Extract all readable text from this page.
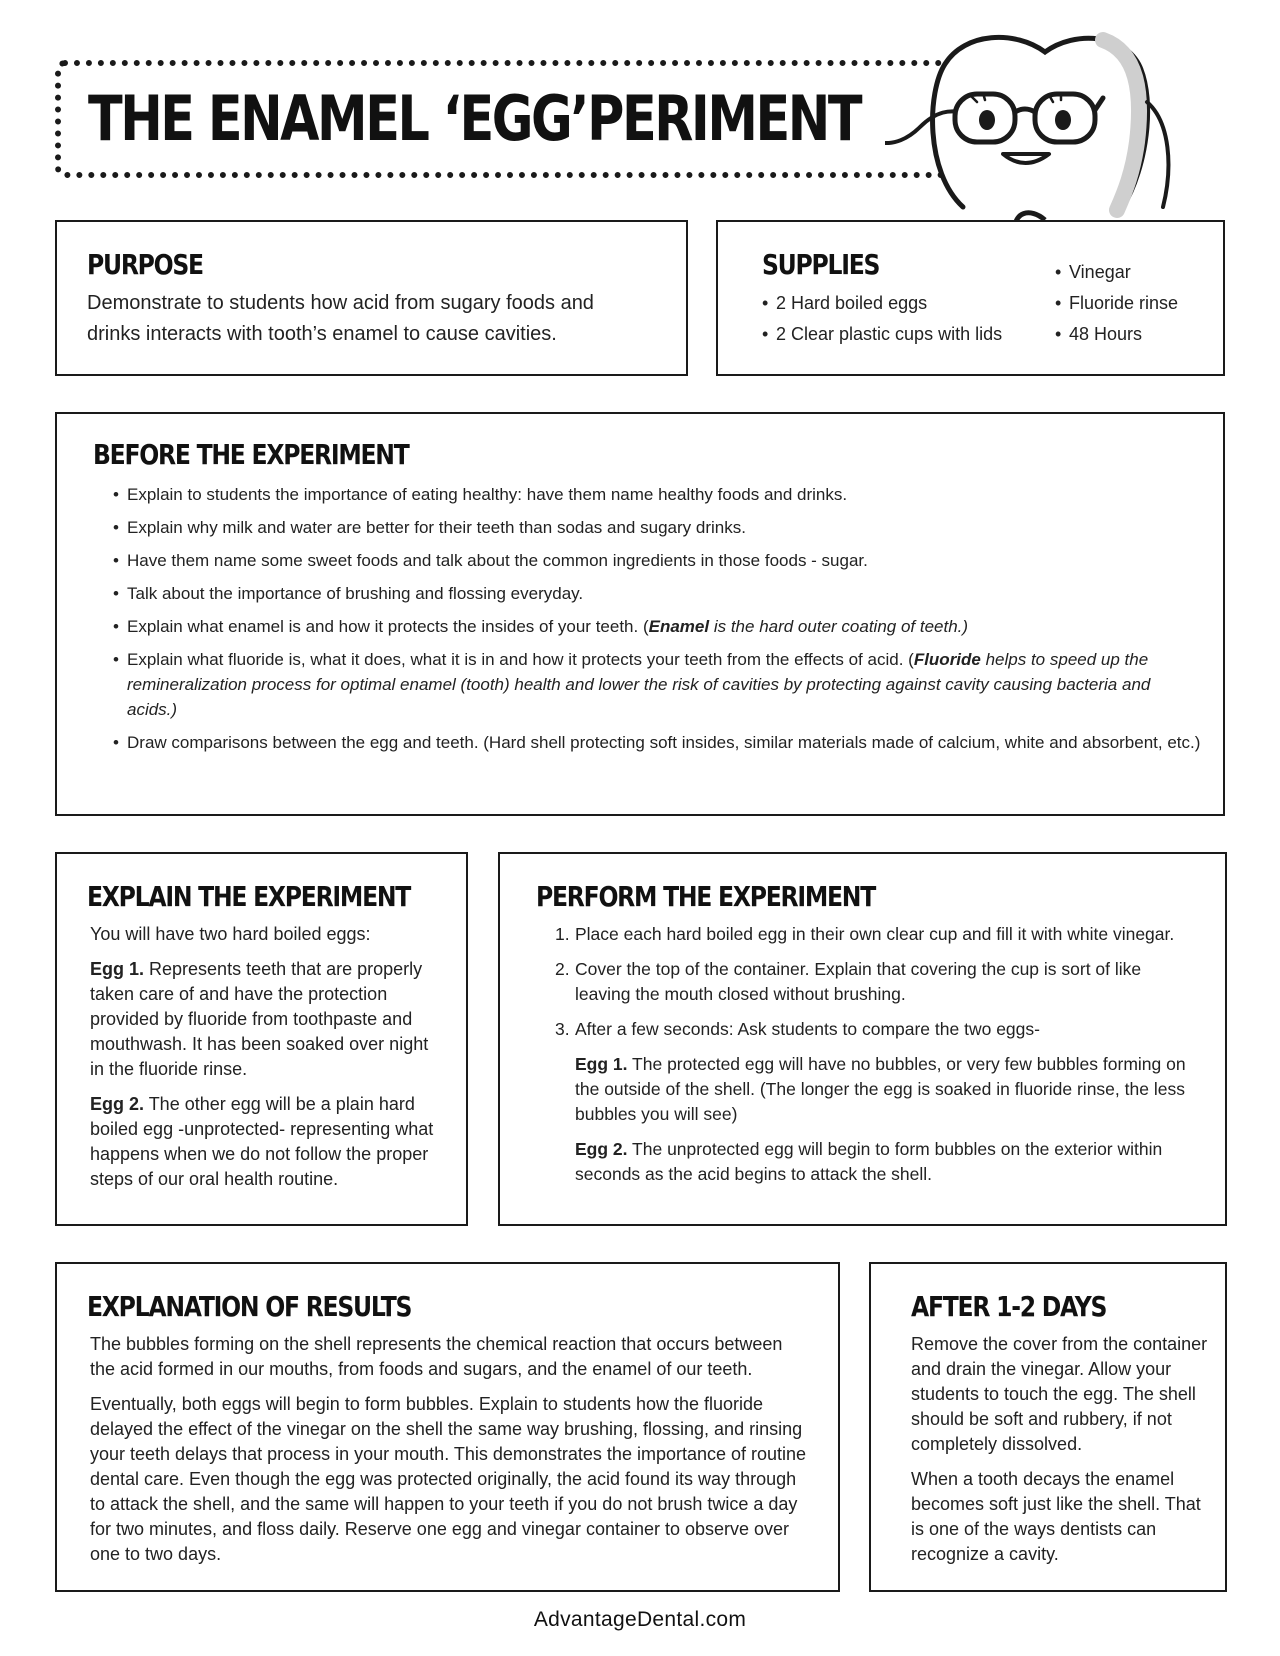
THE ENAMEL ‘EGG’PERIMENT
PURPOSE

Demonstrate to students how acid from sugary foods and drinks interacts with tooth’s enamel to cause cavities.

SUPPLIES
• 2 Hard boiled eggs
• 2 Clear plastic cups with lids
• Vinegar
• Fluoride rinse
• 48 Hours
BEFORE THE EXPERIMENT
• Explain to students the importance of eating healthy: have them name healthy foods and drinks.
• Explain why milk and water are better for their teeth than sodas and sugary drinks.
• Have them name some sweet foods and talk about the common ingredients in those foods - sugar.
• Talk about the importance of brushing and flossing everyday.
• Explain what enamel is and how it protects the insides of your teeth. (Enamel is the hard outer coating of teeth.)
• Explain what fluoride is, what it does, what it is in and how it protects your teeth from the effects of acid. (Fluoride helps to speed up the remineralization process for optimal enamel (tooth) health and lower the risk of cavities by protecting against cavity causing bacteria and acids.)
• Draw comparisons between the egg and teeth. (Hard shell protecting soft insides, similar materials made of calcium, white and absorbent, etc.)
EXPLAIN THE EXPERIMENT

You will have two hard boiled eggs:

Egg 1. Represents teeth that are properly taken care of and have the protection provided by fluoride from toothpaste and mouthwash. It has been soaked over night in the fluoride rinse.

Egg 2. The other egg will be a plain hard boiled egg -unprotected- representing what happens when we do not follow the proper steps of our oral health routine.

PERFORM THE EXPERIMENT
1. Place each hard boiled egg in their own clear cup and fill it with white vinegar.
2. Cover the top of the container. Explain that covering the cup is sort of like leaving the mouth closed without brushing.
3. After a few seconds: Ask students to compare the two eggs-

Egg 1. The protected egg will have no bubbles, or very few bubbles forming on the outside of the shell. (The longer the egg is soaked in fluoride rinse, the less bubbles you will see)

Egg 2. The unprotected egg will begin to form bubbles on the exterior within seconds as the acid begins to attack the shell.

EXPLANATION OF RESULTS

The bubbles forming on the shell represents the chemical reaction that occurs between the acid formed in our mouths, from foods and sugars, and the enamel of our teeth.

Eventually, both eggs will begin to form bubbles. Explain to students how the fluoride delayed the effect of the vinegar on the shell the same way brushing, flossing, and rinsing your teeth delays that process in your mouth. This demonstrates the importance of routine dental care. Even though the egg was protected originally, the acid found its way through to attack the shell, and the same will happen to your teeth if you do not brush twice a day for two minutes, and floss daily. Reserve one egg and vinegar container to observe over one to two days.

AFTER 1-2 DAYS

Remove the cover from the container and drain the vinegar. Allow your students to touch the egg. The shell should be soft and rubbery, if not completely dissolved.

When a tooth decays the enamel becomes soft just like the shell. That is one of the ways dentists can recognize a cavity.

AdvantageDental.com
